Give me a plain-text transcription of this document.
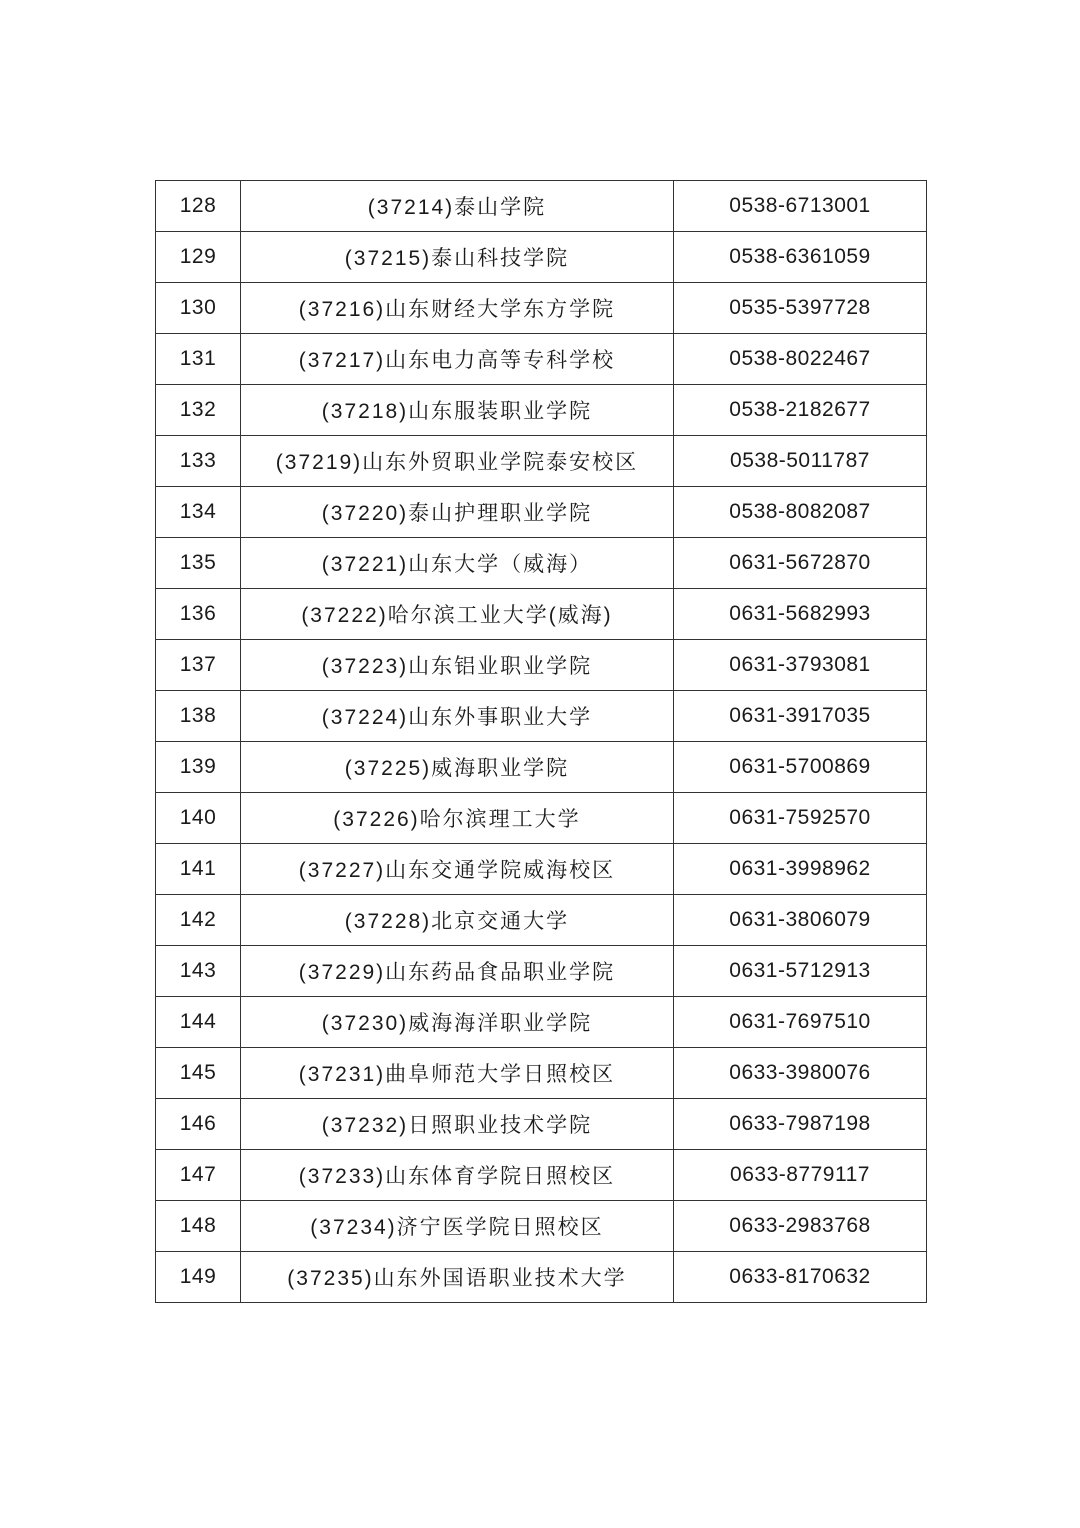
128	(37214)泰山学院	0538-6713001
129	(37215)泰山科技学院	0538-6361059
130	(37216)山东财经大学东方学院	0535-5397728
131	(37217)山东电力高等专科学校	0538-8022467
132	(37218)山东服装职业学院	0538-2182677
133	(37219)山东外贸职业学院泰安校区	0538-5011787
134	(37220)泰山护理职业学院	0538-8082087
135	(37221)山东大学（威海）	0631-5672870
136	(37222)哈尔滨工业大学(威海)	0631-5682993
137	(37223)山东铝业职业学院	0631-3793081
138	(37224)山东外事职业大学	0631-3917035
139	(37225)威海职业学院	0631-5700869
140	(37226)哈尔滨理工大学	0631-7592570
141	(37227)山东交通学院威海校区	0631-3998962
142	(37228)北京交通大学	0631-3806079
143	(37229)山东药品食品职业学院	0631-5712913
144	(37230)威海海洋职业学院	0631-7697510
145	(37231)曲阜师范大学日照校区	0633-3980076
146	(37232)日照职业技术学院	0633-7987198
147	(37233)山东体育学院日照校区	0633-8779117
148	(37234)济宁医学院日照校区	0633-2983768
149	(37235)山东外国语职业技术大学	0633-8170632
